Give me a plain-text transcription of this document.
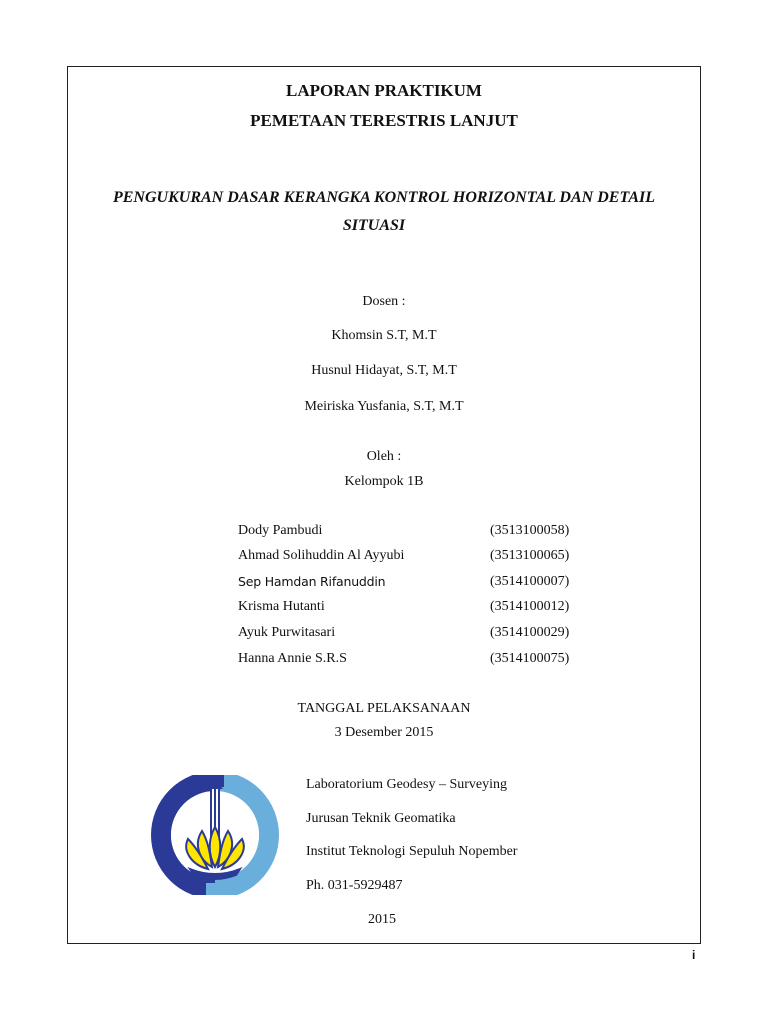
LAPORAN PRAKTIKUM
PEMETAAN TERESTRIS LANJUT
PENGUKURAN DASAR KERANGKA KONTROL HORIZONTAL DAN DETAIL
SITUASI
Dosen :
Khomsin S.T, M.T
Husnul Hidayat, S.T, M.T
Meiriska Yusfania, S.T, M.T
Oleh :
Kelompok 1B
Dody Pambudi	(3513100058)
Ahmad Solihuddin Al Ayyubi	(3513100065)
Sep Hamdan Rifanuddin	(3514100007)
Krisma Hutanti	(3514100012)
Ayuk Purwitasari	(3514100029)
Hanna Annie S.R.S	(3514100075)
TANGGAL PELAKSANAAN
3 Desember 2015
Laboratorium Geodesy – Surveying
Jurusan Teknik Geomatika
Institut Teknologi Sepuluh Nopember
Ph. 031-5929487
2015
i
